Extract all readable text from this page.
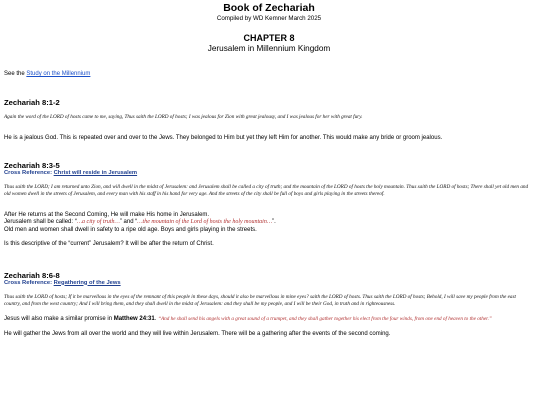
Book of Zechariah

Compiled by WD Kemner March 2025

CHAPTER 8

Jerusalem in Millennium Kingdom

See the Study on the Millennium

Zechariah 8:1-2

Again the word of the LORD of hosts came to me, saying, Thus saith the LORD of hosts; I was jealous for Zion with great jealousy, and I was jealous for her with great fury.

He is a jealous God. This is repeated over and over to the Jews. They belonged to Him but yet they left Him for another. This would make any bride or groom jealous.

Zechariah 8:3-5

Cross Reference: Christ will reside in Jerusalem

Thus saith the LORD; I am returned unto Zion, and will dwell in the midst of Jerusalem: and Jerusalem shall be called a city of truth; and the mountain of the LORD of hosts the holy mountain. Thus saith the LORD of hosts; There shall yet old men and old women dwell in the streets of Jerusalem, and every man with his staff in his hand for very age. And the streets of the city shall be full of boys and girls playing in the streets thereof.

After He returns at the Second Coming, He will make His home in Jerusalem.

Jerusalem shall be called: “…a city of truth…” and “…the mountain of the Lord of hosts the holy mountain…”.

Old men and women shall dwell in safety to a ripe old age. Boys and girls playing in the streets.

Is this descriptive of the “current” Jerusalem? It will be after the return of Christ.

Zechariah 8:6-8

Cross Reference: Regathering of the Jews

Thus saith the LORD of hosts; If it be marvellous in the eyes of the remnant of this people in these days, should it also be marvellous in mine eyes? saith the LORD of hosts. Thus saith the LORD of hosts; Behold, I will save my people from the east country, and from the west country; And I will bring them, and they shall dwell in the midst of Jerusalem: and they shall be my people, and I will be their God, in truth and in righteousness.

Jesus will also make a similar promise in Matthew 24:31. “And he shall send his angels with a great sound of a trumpet, and they shall gather together his elect from the four winds, from one end of heaven to the other.”

He will gather the Jews from all over the world and they will live within Jerusalem. There will be a gathering after the events of the second coming.
